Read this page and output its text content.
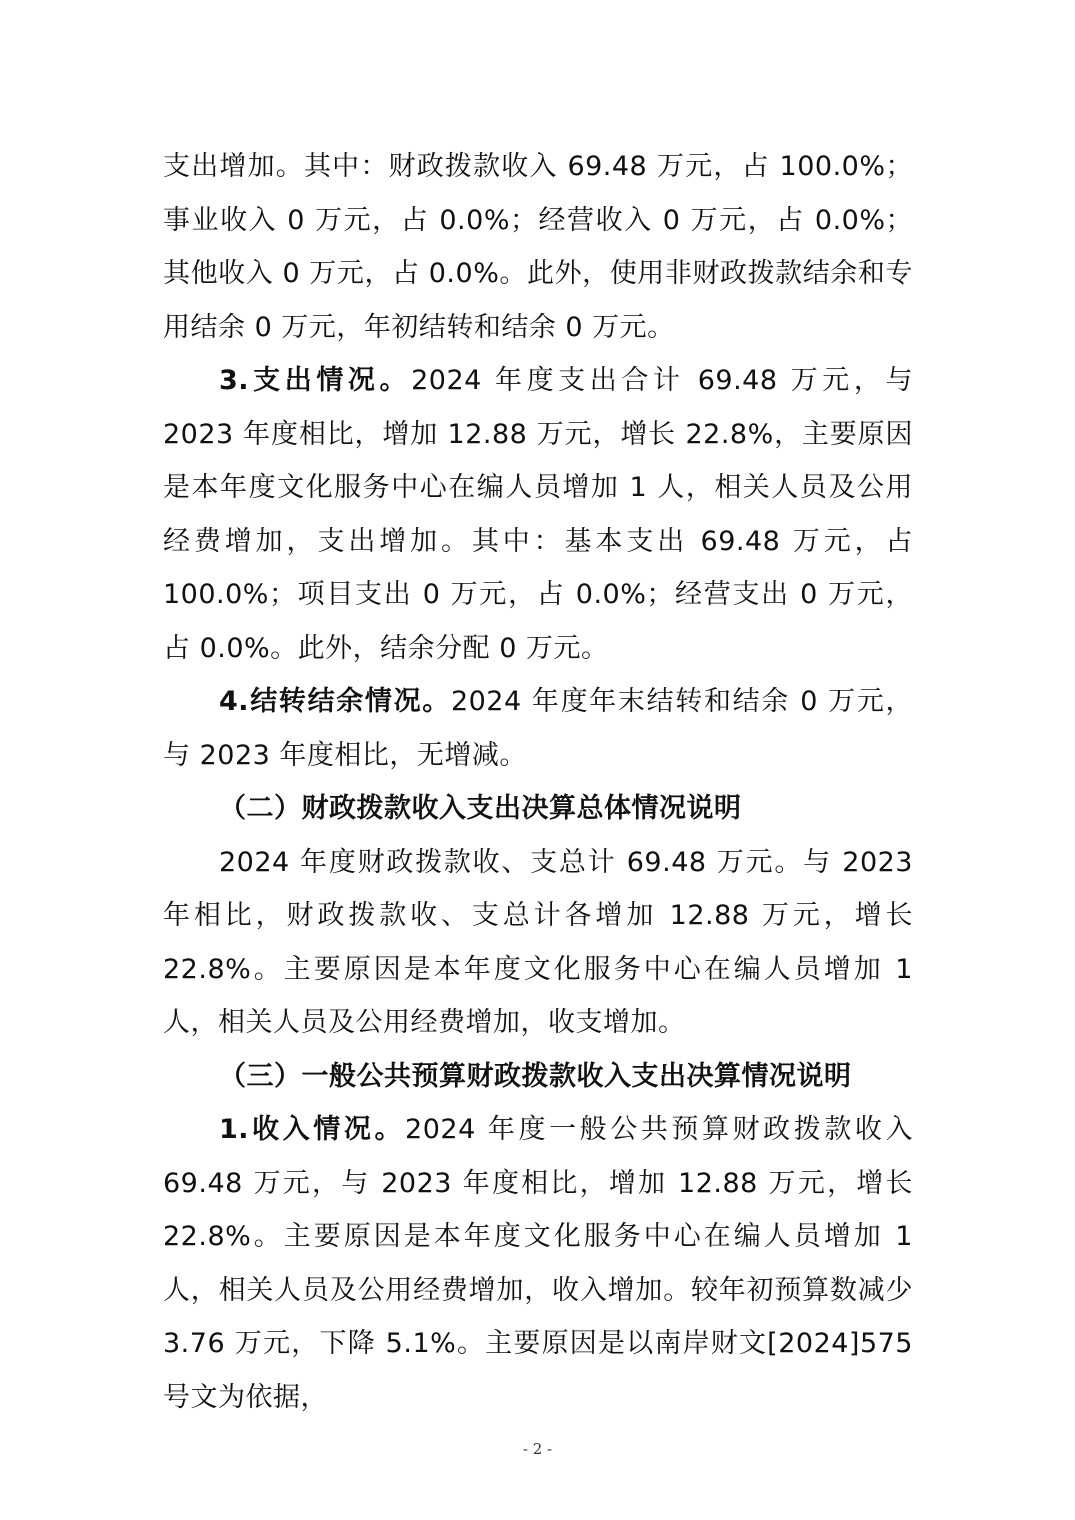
支出增加。其中：财政拨款收入 69.48 万元，占 100.0%；事业收入 0 万元，占 0.0%；经营收入 0 万元，占 0.0%；其他收入 0 万元，占 0.0%。此外，使用非财政拨款结余和专用结余 0 万元，年初结转和结余 0 万元。

3.支出情况。2024 年度支出合计 69.48 万元，与 2023 年度相比，增加 12.88 万元，增长 22.8%，主要原因是本年度文化服务中心在编人员增加 1 人，相关人员及公用经费增加，支出增加。其中：基本支出 69.48 万元，占 100.0%；项目支出 0 万元，占 0.0%；经营支出 0 万元，占 0.0%。此外，结余分配 0 万元。

4.结转结余情况。2024 年度年末结转和结余 0 万元，与 2023 年度相比，无增减。

（二）财政拨款收入支出决算总体情况说明

2024 年度财政拨款收、支总计 69.48 万元。与 2023 年相比，财政拨款收、支总计各增加 12.88 万元，增长 22.8%。主要原因是本年度文化服务中心在编人员增加 1 人，相关人员及公用经费增加，收支增加。

（三）一般公共预算财政拨款收入支出决算情况说明

1.收入情况。2024 年度一般公共预算财政拨款收入 69.48 万元，与 2023 年度相比，增加 12.88 万元，增长 22.8%。主要原因是本年度文化服务中心在编人员增加 1 人，相关人员及公用经费增加，收入增加。较年初预算数减少 3.76 万元，下降 5.1%。主要原因是以南岸财文[2024]575 号文为依据，

- 2 -
